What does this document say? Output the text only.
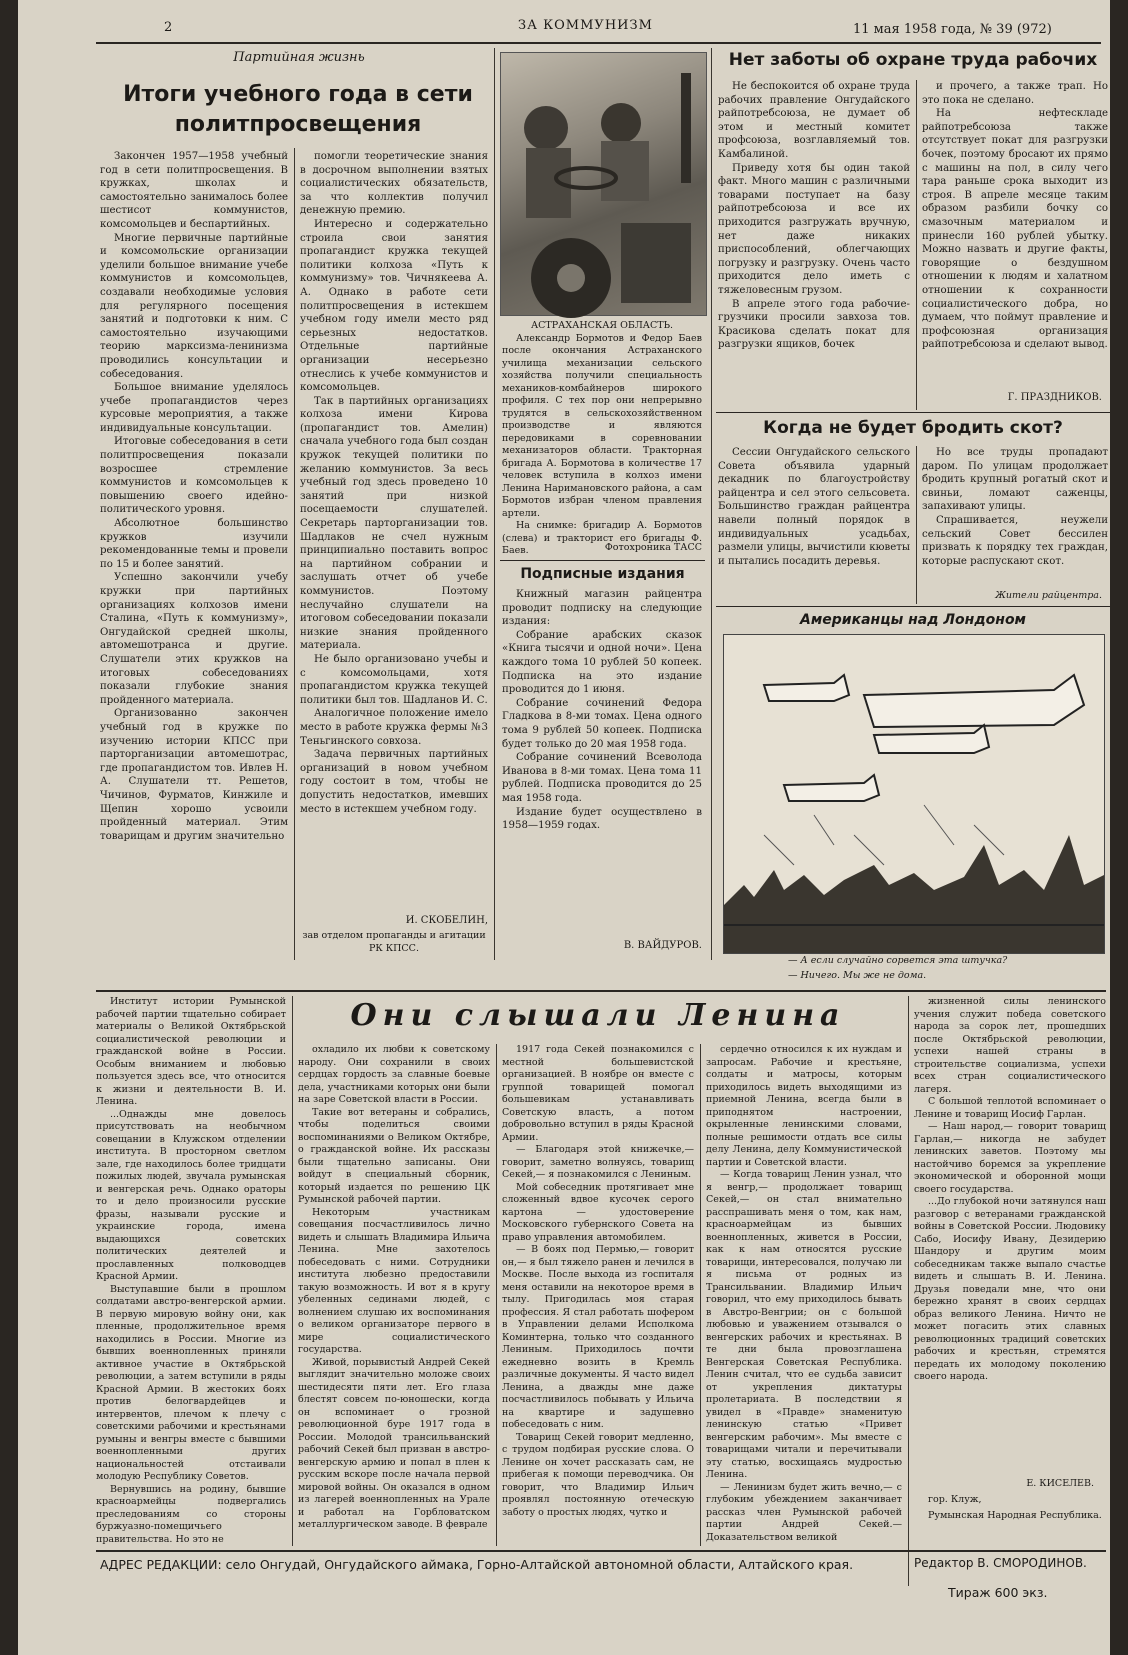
2	ЗА КОММУНИЗМ	11 мая 1958 года, № 39 (972)
Партийная жизнь
Итоги учебного года в сети политпросвещения

Закончен 1957—1958 учебный год в сети политпросвещения. В кружках, школах и самостоятельно занималось более шестисот коммунистов, комсомольцев и беспартийных.

Многие первичные партийные и комсомольские организации уделили большое внимание учебе коммунистов и комсомольцев, создавали необходимые условия для регулярного посещения занятий и подготовки к ним. С самостоятельно изучающими теорию марксизма-ленинизма проводились консультации и собеседования.

Большое внимание уделялось учебе пропагандистов через курсовые мероприятия, а также индивидуальные консультации.

Итоговые собеседования в сети политпросвещения показали возросшее стремление коммунистов и комсомольцев к повышению своего идейно-политического уровня.

Абсолютное большинство кружков изучили рекомендованные темы и провели по 15 и более занятий.

Успешно закончили учебу кружки при партийных организациях колхозов имени Сталина, «Путь к коммунизму», Онгудайской средней школы, автомешотранса и другие. Слушатели этих кружков на итоговых собеседованиях показали глубокие знания пройденного материала.

Организованно закончен учебный год в кружке по изучению истории КПСС при парторганизации автомешотрас, где пропагандистом тов. Ивлев Н. А. Слушатели тт. Решетов, Чичинов, Фурматов, Кинжиле и Щепин хорошо усвоили пройденный материал. Этим товарищам и другим значительно

помогли теоретические знания в досрочном выполнении взятых социалистических обязательств, за что коллектив получил денежную премию.

Интересно и содержательно строила свои занятия пропагандист кружка текущей политики колхоза «Путь к коммунизму» тов. Чичнякеева А. А. Однако в работе сети политпросвещения в истекшем учебном году имели место ряд серьезных недостатков. Отдельные партийные организации несерьезно отнеслись к учебе коммунистов и комсомольцев.

Так в партийных организациях колхоза имени Кирова (пропагандист тов. Амелин) сначала учебного года был создан кружок текущей политики по желанию коммунистов. За весь учебный год здесь проведено 10 занятий при низкой посещаемости слушателей. Секретарь парторганизации тов. Шадлаков не счел нужным принципиально поставить вопрос на партийном собрании и заслушать отчет об учебе коммунистов. Поэтому неслучайно слушатели на итоговом собеседовании показали низкие знания пройденного материала.

Не было организовано учебы и с комсомольцами, хотя пропагандистом кружка текущей политики был тов. Шадланов И. С.

Аналогичное положение имело место в работе кружка фермы №3 Теньгинского совхоза.

Задача первичных партийных организаций в новом учебном году состоит в том, чтобы не допустить недостатков, имевших место в истекшем учебном году.

И. СКОБЕЛИН,
зав отделом пропаганды и агитации РК КПСС.
АСТРАХАНСКАЯ ОБЛАСТЬ.

Александр Бормотов и Федор Баев после окончания Астраханского училища механизации сельского хозяйства получили специальность механиков-комбайнеров широкого профиля. С тех пор они непрерывно трудятся в сельскохозяйственном производстве и являются передовиками в соревновании механизаторов области. Тракторная бригада А. Бормотова в количестве 17 человек вступила в колхоз имени Ленина Наримановского района, а сам Бормотов избран членом правления артели.

На снимке: бригадир А. Бормотов (слева) и тракторист его бригады Ф. Баев.	Фотохроника ТАСС
Подписные издания

Книжный магазин райцентра проводит подписку на следующие издания:

Собрание арабских сказок «Книга тысячи и одной ночи». Цена каждого тома 10 рублей 50 копеек. Подписка на это издание проводится до 1 июня.

Собрание сочинений Федора Гладкова в 8-ми томах. Цена одного тома 9 рублей 50 копеек. Подписка будет только до 20 мая 1958 года.

Собрание сочинений Всеволода Иванова в 8-ми томах. Цена тома 11 рублей. Подписка проводится до 25 мая 1958 года.

Издание будет осуществлено в 1958—1959 годах.

В. ВАЙДУРОВ.
Нет заботы об охране труда рабочих

Не беспокоится об охране труда рабочих правление Онгудайского райпотребсоюза, не думает об этом и местный комитет профсоюза, возглавляемый тов. Камбалиной.

Приведу хотя бы один такой факт. Много машин с различными товарами поступает на базу райпотребсоюза и все их приходится разгружать вручную, нет даже никаких приспособлений, облегчающих погрузку и разгрузку. Очень часто приходится дело иметь с тяжеловесным грузом.

В апреле этого года рабочие-грузчики просили завхоза тов. Красикова сделать покат для разгрузки ящиков, бочек

и прочего, а также трап. Но это пока не сделано.

На нефтескладе райпотребсоюза также отсутствует покат для разгрузки бочек, поэтому бросают их прямо с машины на пол, в силу чего тара раньше срока выходит из строя. В апреле месяце таким образом разбили бочку со смазочным материалом и принесли 160 рублей убытку. Можно назвать и другие факты, говорящие о бездушном отношении к людям и халатном отношении к сохранности социалистического добра, но думаем, что поймут правление и профсоюзная организация райпотребсоюза и сделают вывод.

Г. ПРАЗДНИКОВ.
Когда не будет бродить скот?

Сессии Онгудайского сельского Совета объявила ударный декадник по благоустройству райцентра и сел этого сельсовета. Большинство граждан райцентра навели полный порядок в индивидуальных усадьбах, размели улицы, вычистили кюветы и пытались посадить деревья.

Но все труды пропадают даром. По улицам продолжает бродить крупный рогатый скот и свиньи, ломают саженцы, запахивают улицы.

Спрашивается, неужели сельский Совет бессилен призвать к порядку тех граждан, которые распускают скот.

Жители райцентра.
Американцы над Лондоном
— А если случайно сорвется эта штучка?
— Ничего. Мы же не дома.
Они слышали Ленина

Институт истории Румынской рабочей партии тщательно собирает материалы о Великой Октябрьской социалистической революции и гражданской войне в России. Особым вниманием и любовью пользуется здесь все, что относится к жизни и деятельности В. И. Ленина.

...Однажды мне довелось присутствовать на необычном совещании в Клужском отделении института. В просторном светлом зале, где находилось более тридцати пожилых людей, звучала румынская и венгерская речь. Однако ораторы то и дело произносили русские фразы, называли русские и украинские города, имена выдающихся советских политических деятелей и прославленных полководцев Красной Армии.

Выступавшие были в прошлом солдатами австро-венгерской армии. В первую мировую войну они, как пленные, продолжительное время находились в России. Многие из бывших военнопленных приняли активное участие в Октябрьской революции, а затем вступили в ряды Красной Армии. В жестоких боях против белогвардейцев и интервентов, плечом к плечу с советскими рабочими и крестьянами румыны и венгры вместе с бывшими военнопленными других национальностей отстаивали молодую Республику Советов.

Вернувшись на родину, бывшие красноармейцы подвергались преследованиям со стороны буржуазно-помещичьего правительства. Но это не

охладило их любви к советскому народу. Они сохранили в своих сердцах гордость за славные боевые дела, участниками которых они были на заре Советской власти в России.

Такие вот ветераны и собрались, чтобы поделиться своими воспоминаниями о Великом Октябре, о гражданской войне. Их рассказы были тщательно записаны. Они войдут в специальный сборник, который издается по решению ЦК Румынской рабочей партии.

Некоторым участникам совещания посчастливилось лично видеть и слышать Владимира Ильича Ленина. Мне захотелось побеседовать с ними. Сотрудники института любезно предоставили такую возможность. И вот я в кругу убеленных сединами людей, с волнением слушаю их воспоминания о великом организаторе первого в мире социалистического государства.

Живой, порывистый Андрей Секей выглядит значительно моложе своих шестидесяти пяти лет. Его глаза блестят совсем по-юношески, когда он вспоминает о грозной революционной буре 1917 года в России. Молодой трансильванский рабочий Секей был призван в австро-венгерскую армию и попал в плен к русским вскоре после начала первой мировой войны. Он оказался в одном из лагерей военнопленных на Урале и работал на Горбловатском металлургическом заводе. В феврале

1917 года Секей познакомился с местной большевистской организацией. В ноябре он вместе с группой товарищей помогал большевикам устанавливать Советскую власть, а потом добровольно вступил в ряды Красной Армии.

— Благодаря этой книжечке,— говорит, заметно волнуясь, товарищ Секей,— я познакомился с Лениным.

Мой собеседник протягивает мне сложенный вдвое кусочек серого картона — удостоверение Московского губернского Совета на право управления автомобилем.

— В боях под Пермью,— говорит он,— я был тяжело ранен и лечился в Москве. После выхода из госпиталя меня оставили на некоторое время в тылу. Пригодилась моя старая профессия. Я стал работать шофером в Управлении делами Исполкома Коминтерна, только что созданного Лениным. Приходилось почти ежедневно возить в Кремль различные документы. Я часто видел Ленина, а дважды мне даже посчастливилось побывать у Ильича на квартире и задушевно побеседовать с ним.

Товарищ Секей говорит медленно, с трудом подбирая русские слова. О Ленине он хочет рассказать сам, не прибегая к помощи переводчика. Он говорит, что Владимир Ильич проявлял постоянную отеческую заботу о простых людях, чутко и

сердечно относился к их нуждам и запросам. Рабочие и крестьяне, солдаты и матросы, которым приходилось видеть выходящими из приемной Ленина, всегда были в приподнятом настроении, окрыленные ленинскими словами, полные решимости отдать все силы делу Ленина, делу Коммунистической партии и Советской власти.

— Когда товарищ Ленин узнал, что я венгр,— продолжает товарищ Секей,— он стал внимательно расспрашивать меня о том, как нам, красноармейцам из бывших военнопленных, живется в России, как к нам относятся русские товарищи, интересовался, получаю ли я письма от родных из Трансильвании. Владимир Ильич говорил, что ему приходилось бывать в Австро-Венгрии; он с большой любовью и уважением отзывался о венгерских рабочих и крестьянах. В те дни была провозглашена Венгерская Советская Республика. Ленин считал, что ее судьба зависит от укрепления диктатуры пролетариата. В последствии я увидел в «Правде» знаменитую ленинскую статью «Привет венгерским рабочим». Мы вместе с товарищами читали и перечитывали эту статью, восхищаясь мудростью Ленина.

— Ленинизм будет жить вечно,— с глубоким убеждением заканчивает рассказ член Румынской рабочей партии Андрей Секей.— Доказательством великой

жизненной силы ленинского учения служит победа советского народа за сорок лет, прошедших после Октябрьской революции, успехи нашей страны в строительстве социализма, успехи всех стран социалистического лагеря.

С большой теплотой вспоминает о Ленине и товарищ Иосиф Гарлан.

— Наш народ,— говорит товарищ Гарлан,— никогда не забудет ленинских заветов. Поэтому мы настойчиво боремся за укрепление экономической и оборонной мощи своего государства.

...До глубокой ночи затянулся наш разговор с ветеранами гражданской войны в Советской России. Людовику Сабо, Иосифу Ивану, Дезидерию Шандору и другим моим собеседникам также выпало счастье видеть и слышать В. И. Ленина. Друзья поведали мне, что они бережно хранят в своих сердцах образ великого Ленина. Ничто не может погасить этих славных революционных традиций советских рабочих и крестьян, стремятся передать их молодому поколению своего народа.

Е. КИСЕЛЕВ.
гор. Клуж,
Румынская Народная Республика.
Редактор В. СМОРОДИНОВ.
АДРЕС РЕДАКЦИИ: село Онгудай, Онгудайского аймака, Горно-Алтайской автономной области, Алтайского края.
Тираж 600 экз.
